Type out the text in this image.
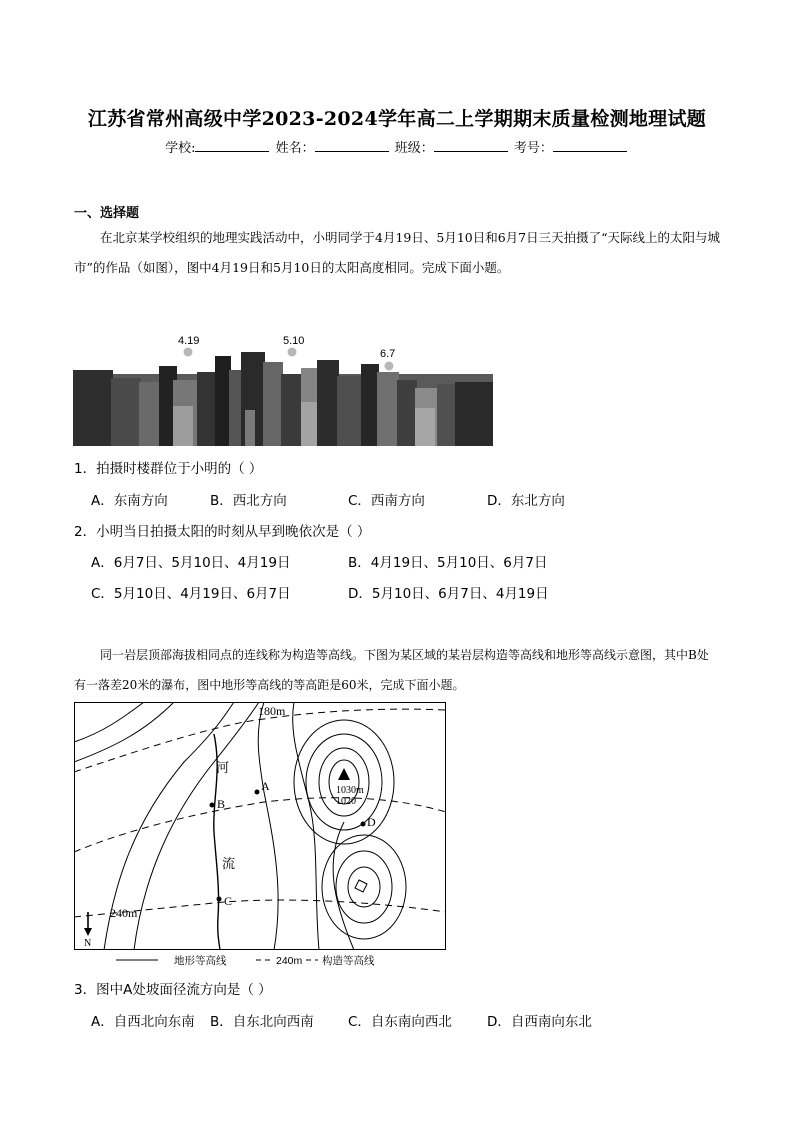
江苏省常州高级中学2023-2024学年高二上学期期末质量检测地理试题
学校:	姓名：	班级：	考号：
一、选择题
在北京某学校组织的地理实践活动中，小明同学于4月19日、5月10日和6月7日三天拍摄了“天际线上的太阳与城市”的作品（如图），图中4月19日和5月10日的太阳高度相同。完成下面小题。
4.19	5.10
6.7
1．拍摄时楼群位于小明的（ ）
A．东南方向	B．西北方向	C．西南方向	D．东北方向
2．小明当日拍摄太阳的时刻从早到晚依次是（ ）
A．6月7日、5月10日、4月19日	B．4月19日、5月10日、6月7日
C．5月10日、4月19日、6月7日	D．5月10日、6月7日、4月19日
同一岩层顶部海拔相同点的连线称为构造等高线。下图为某区域的某岩层构造等高线和地形等高线示意图，其中B处有一落差20米的瀑布，图中地形等高线的等高距是60米，完成下面小题。
180m
240m
河
流
A
B
C
D
1030m
1020
N
地形等高线	240m 构造等高线
3．图中A处坡面径流方向是（ ）
A．自西北向东南 B．自东北向西南	C．自东南向西北	D．自西南向东北
